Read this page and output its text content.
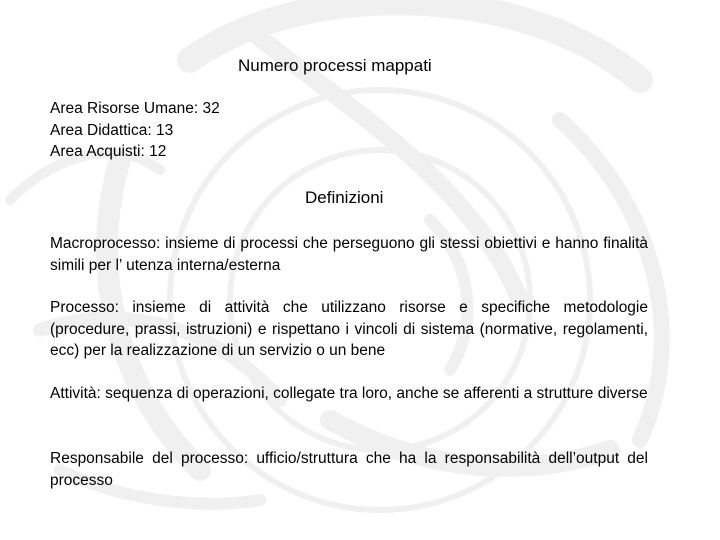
Numero processi mappati
Area Risorse Umane: 32
Area Didattica: 13
Area Acquisti: 12
Definizioni
Macroprocesso: insieme di processi che perseguono gli stessi obiettivi e hanno finalità simili per l’ utenza interna/esterna
Processo: insieme di attività che utilizzano risorse e specifiche metodologie (procedure, prassi, istruzioni) e rispettano i vincoli di sistema (normative, regolamenti, ecc) per la realizzazione di un servizio o un bene
Attività: sequenza di operazioni, collegate tra loro, anche se afferenti a strutture diverse
Responsabile del processo: ufficio/struttura che ha la responsabilità dell’output del processo
